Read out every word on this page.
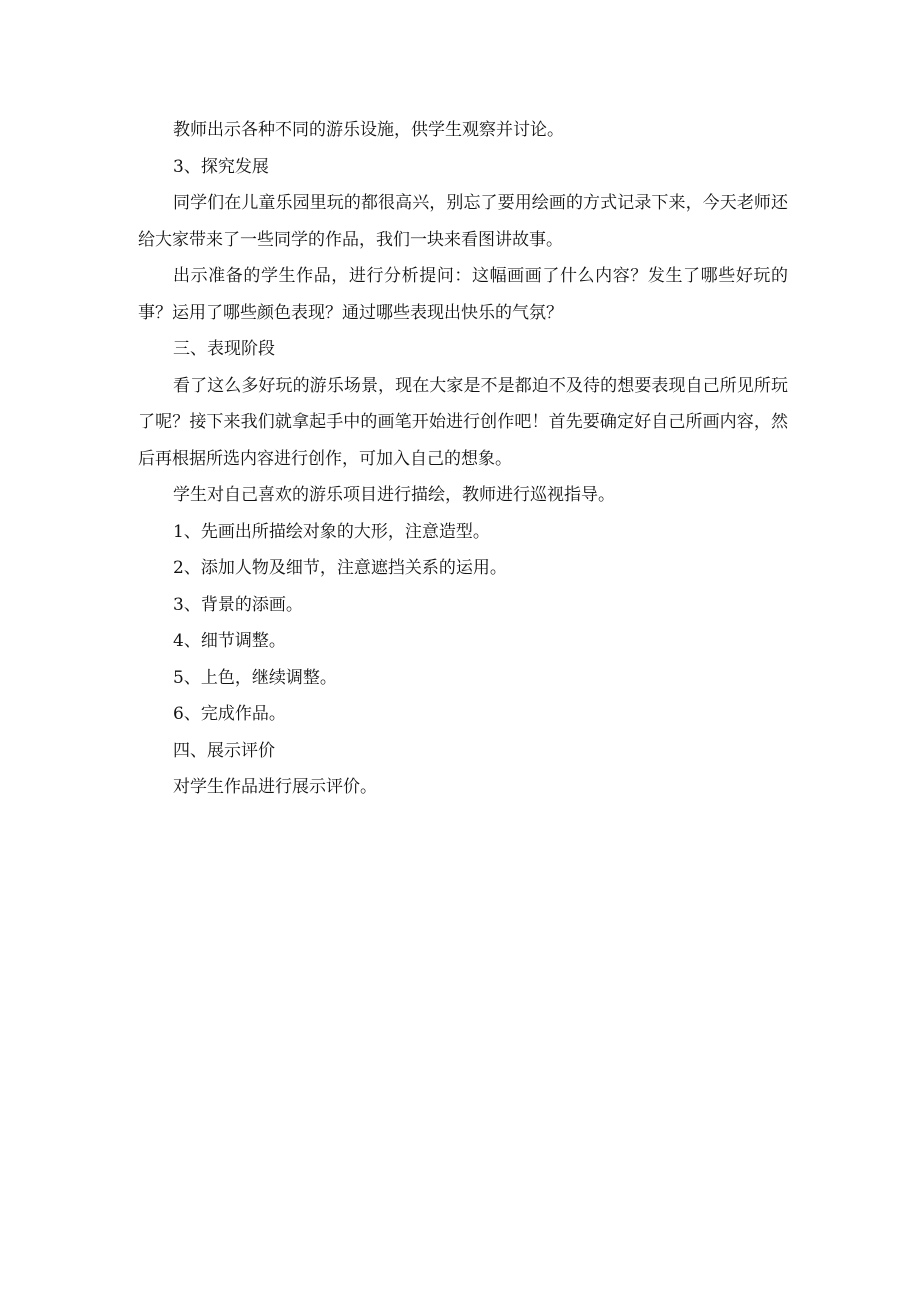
教师出示各种不同的游乐设施，供学生观察并讨论。

3、探究发展

同学们在儿童乐园里玩的都很高兴，别忘了要用绘画的方式记录下来，今天老师还给大家带来了一些同学的作品，我们一块来看图讲故事。

出示准备的学生作品，进行分析提问：这幅画画了什么内容？发生了哪些好玩的事？运用了哪些颜色表现？通过哪些表现出快乐的气氛？

三、表现阶段

看了这么多好玩的游乐场景，现在大家是不是都迫不及待的想要表现自己所见所玩了呢？接下来我们就拿起手中的画笔开始进行创作吧！首先要确定好自己所画内容，然后再根据所选内容进行创作，可加入自己的想象。

学生对自己喜欢的游乐项目进行描绘，教师进行巡视指导。

1、先画出所描绘对象的大形，注意造型。

2、添加人物及细节，注意遮挡关系的运用。

3、背景的添画。

4、细节调整。

5、上色，继续调整。

6、完成作品。

四、展示评价

对学生作品进行展示评价。
